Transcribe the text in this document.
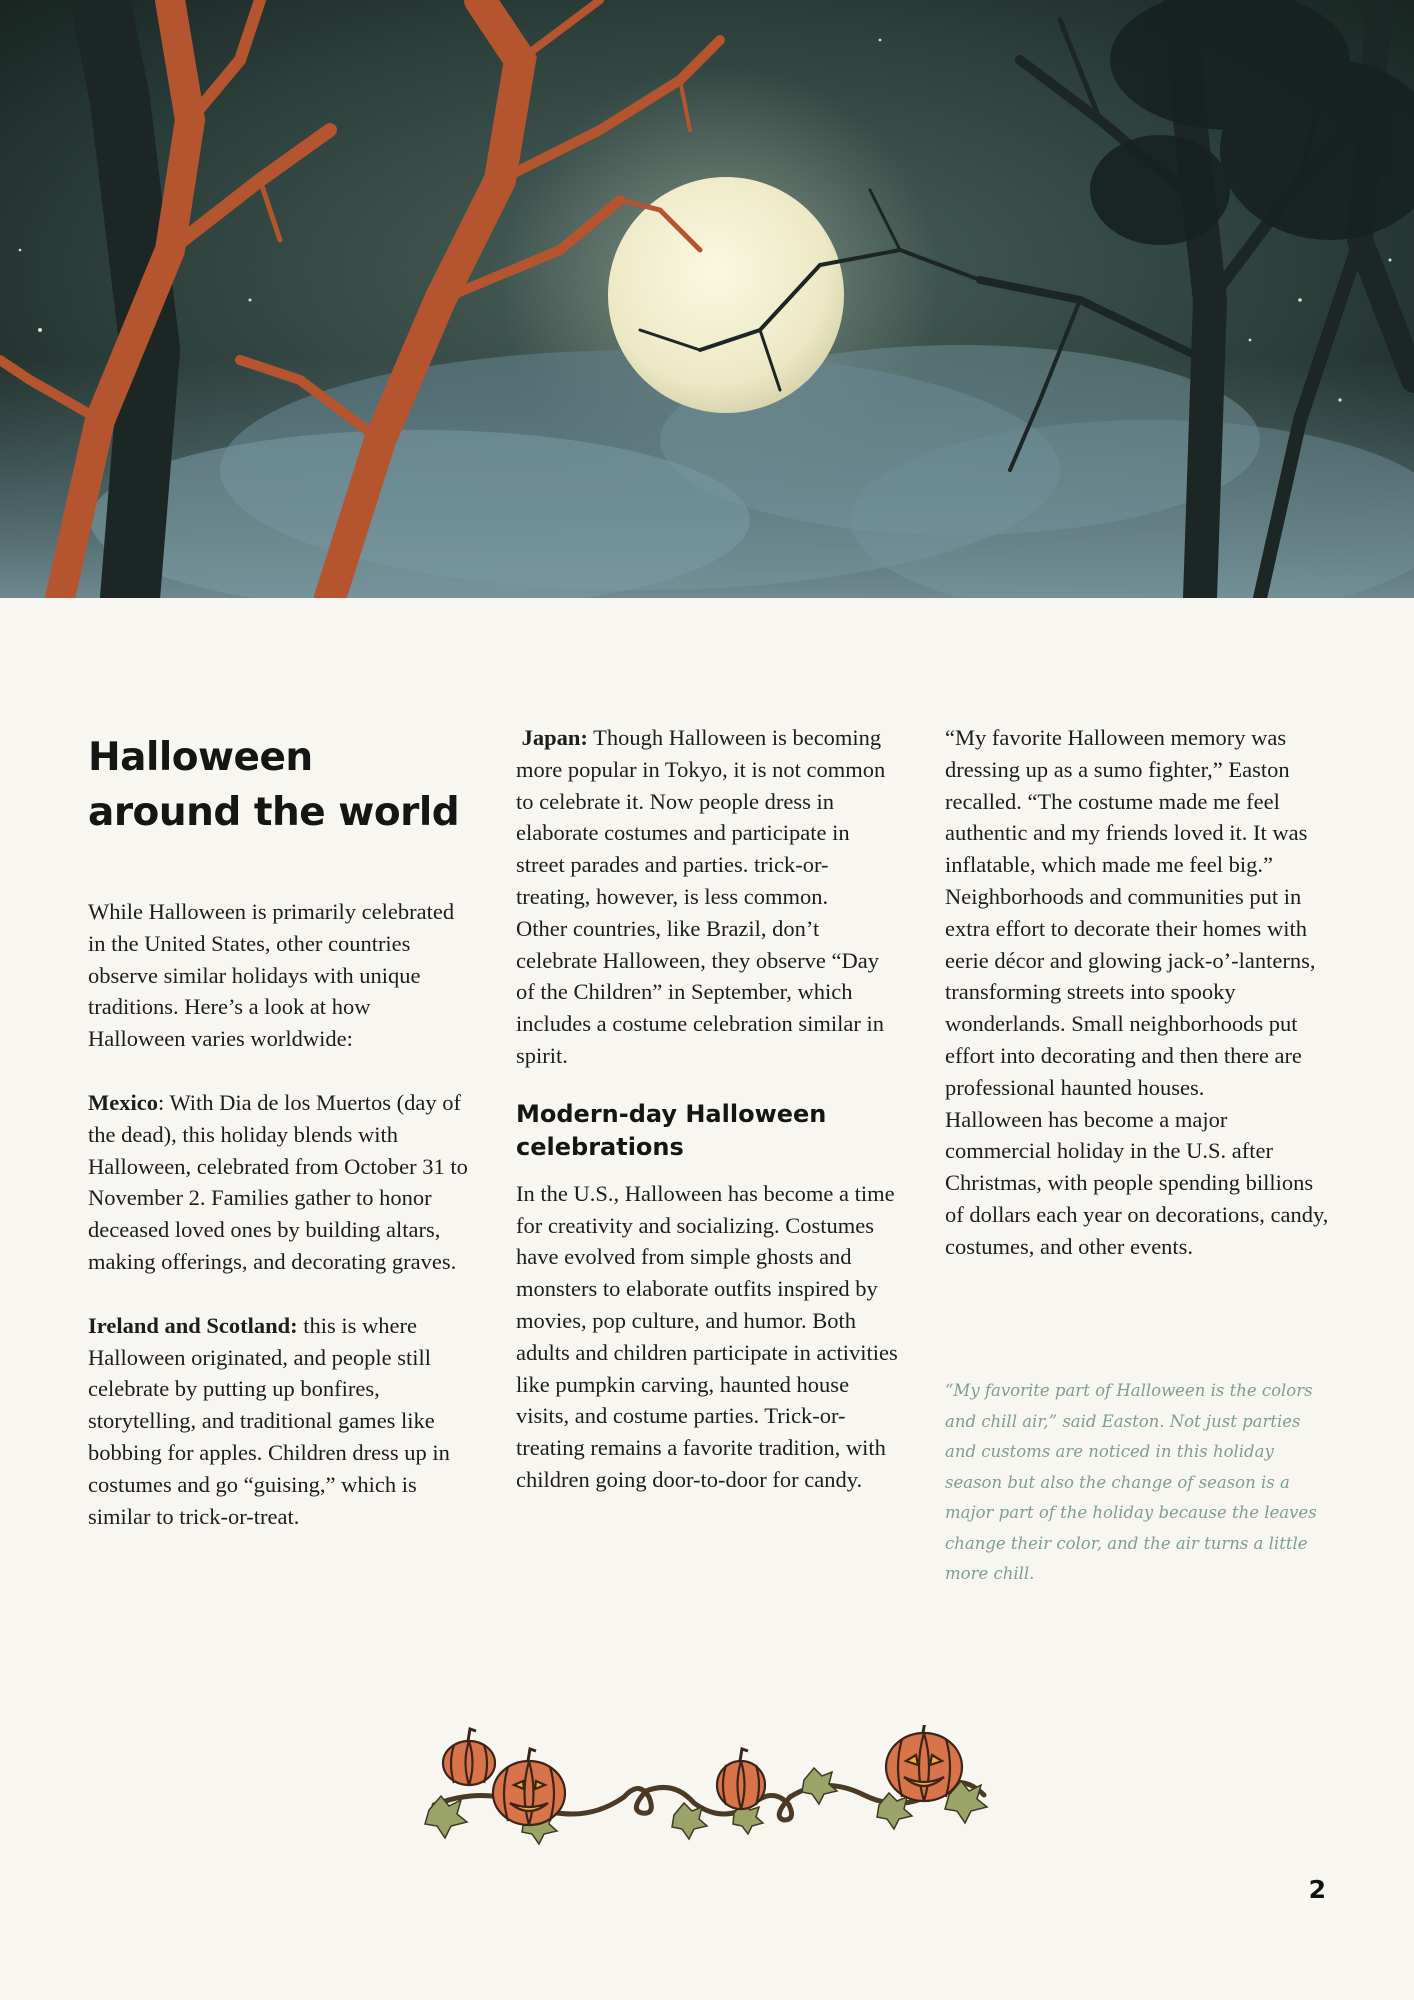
Halloween around the world

While Halloween is primarily celebrated in the United States, other countries observe similar holidays with unique traditions. Here’s a look at how Halloween varies worldwide:

Mexico: With Dia de los Muertos (day of the dead), this holiday blends with Halloween, celebrated from October 31 to November 2. Families gather to honor deceased loved ones by building altars, making offerings, and decorating graves.

Ireland and Scotland: this is where Halloween originated, and people still celebrate by putting up bonfires, storytelling, and traditional games like bobbing for apples. Children dress up in costumes and go “guising,” which is similar to trick-or-treat.

Japan: Though Halloween is becoming more popular in Tokyo, it is not common to celebrate it. Now people dress in elaborate costumes and participate in street parades and parties. trick-or-treating, however, is less common.

Other countries, like Brazil, don’t celebrate Halloween, they observe “Day of the Children” in September, which includes a costume celebration similar in spirit.

Modern-day Halloween celebrations

In the U.S., Halloween has become a time for creativity and socializing. Costumes have evolved from simple ghosts and monsters to elaborate outfits inspired by movies, pop culture, and humor. Both adults and children participate in activities like pumpkin carving, haunted house visits, and costume parties. Trick-or-treating remains a favorite tradition, with children going door-to-door for candy.

“My favorite Halloween memory was dressing up as a sumo fighter,” Easton recalled. “The costume made me feel authentic and my friends loved it. It was inflatable, which made me feel big.”

Neighborhoods and communities put in extra effort to decorate their homes with eerie décor and glowing jack-o’-lanterns, transforming streets into spooky wonderlands. Small neighborhoods put effort into decorating and then there are professional haunted houses.

Halloween has become a major commercial holiday in the U.S. after Christmas, with people spending billions of dollars each year on decorations, candy, costumes, and other events.

“My favorite part of Halloween is the colors and chill air,” said Easton. Not just parties and customs are noticed in this holiday season but also the change of season is a major part of the holiday because the leaves change their color, and the air turns a little more chill.

2
